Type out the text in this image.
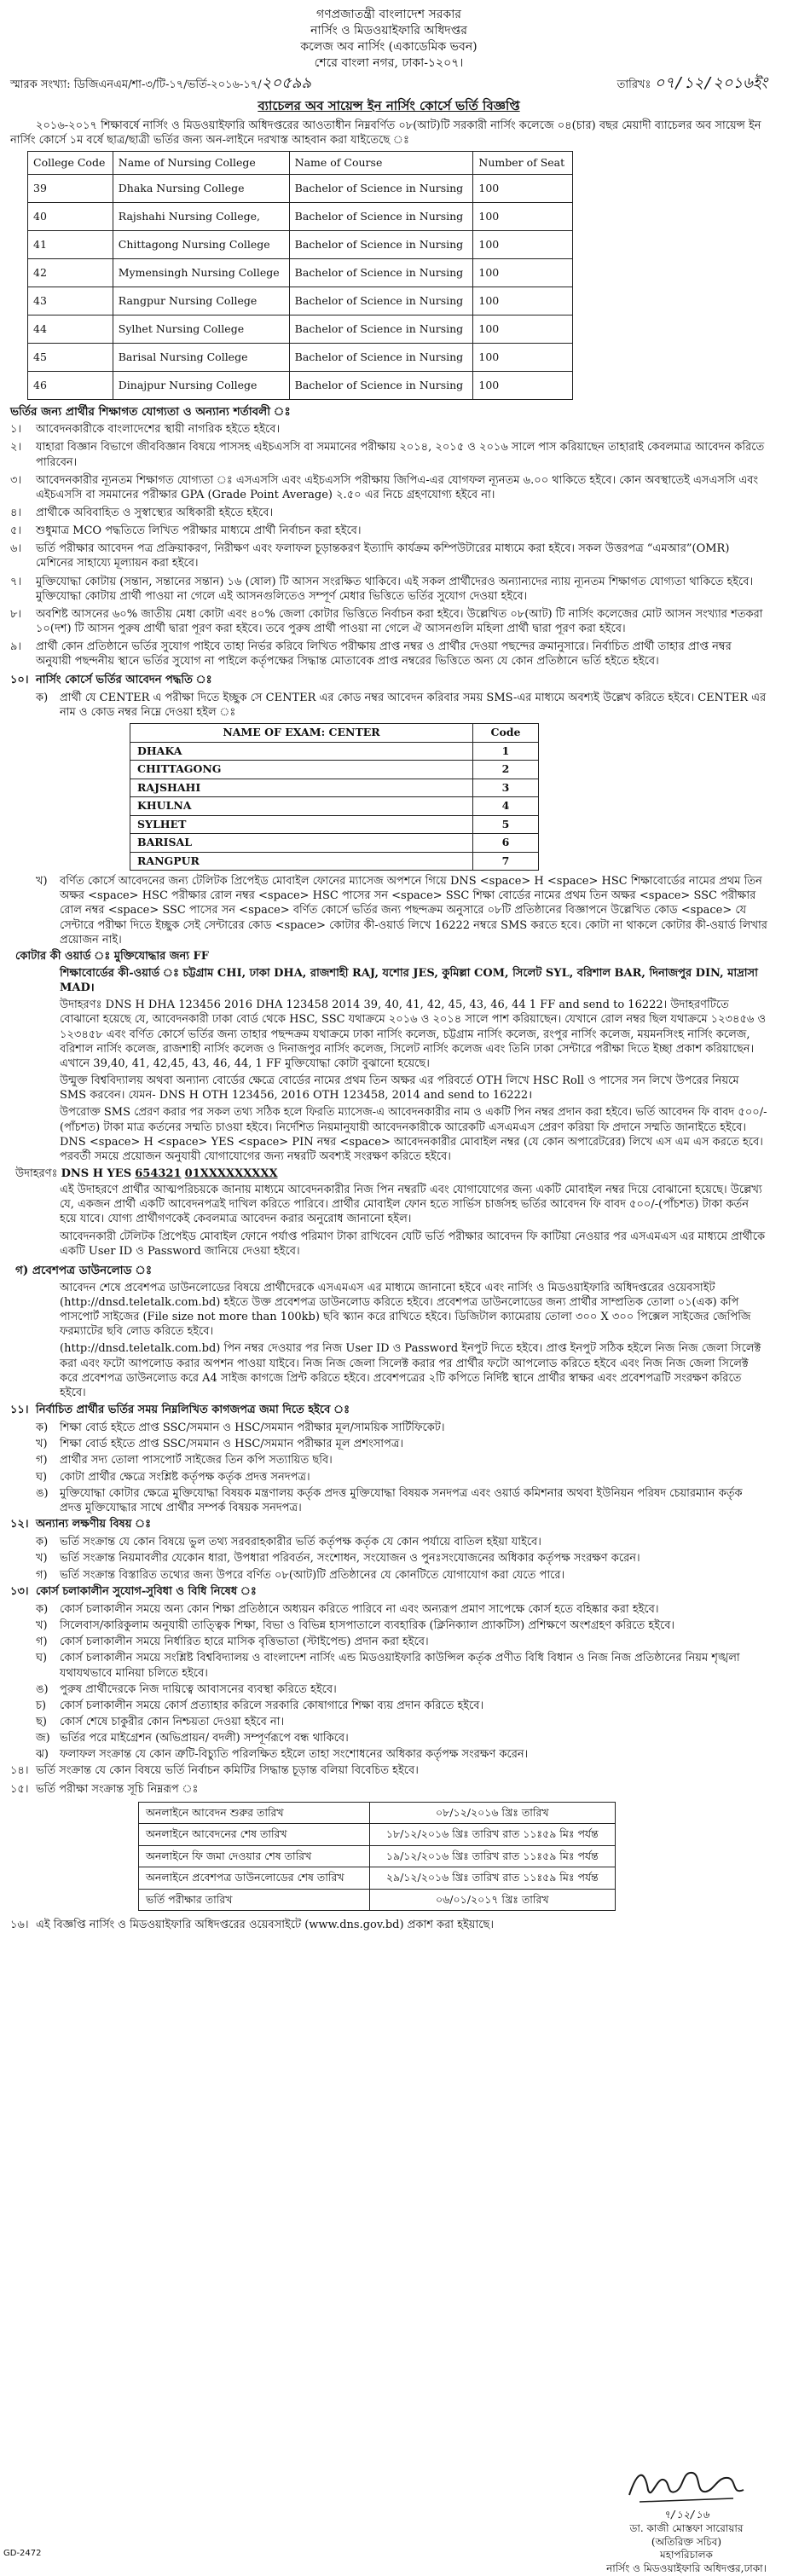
গণপ্রজাতন্ত্রী বাংলাদেশ সরকার
নার্সিং ও মিডওয়াইফারি অধিদপ্তর
কলেজ অব নার্সিং (একাডেমিক ভবন)
শেরে বাংলা নগর, ঢাকা-১২০৭।
স্মারক সংখ্যা: ডিজিএনএম/শা-৩/টি-১৭/ভর্তি-২০১৬-১৭/২০৫৯৯	তারিখঃ ০৭/১২/২০১৬ইং
ব্যাচেলর অব সায়েন্স ইন নার্সিং কোর্সে ভর্তি বিজ্ঞপ্তি

২০১৬-২০১৭ শিক্ষাবর্ষে নার্সিং ও মিডওয়াইফারি অধিদপ্তরের আওতাধীন নিম্নবর্ণিত ০৮(আট)টি সরকারী নার্সিং কলেজে ০৪(চার) বছর মেয়াদী ব্যাচেলর অব সায়েন্স ইন নার্সিং কোর্সে ১ম বর্ষে ছাত্র/ছাত্রী ভর্তির জন্য অন-লাইনে দরখাস্ত আহবান করা যাইতেছে ঃ

College Code	Name of Nursing College	Name of Course	Number of Seat
39	Dhaka Nursing College	Bachelor of Science in Nursing	100
40	Rajshahi Nursing College,	Bachelor of Science in Nursing	100
41	Chittagong Nursing College	Bachelor of Science in Nursing	100
42	Mymensingh Nursing College	Bachelor of Science in Nursing	100
43	Rangpur Nursing College	Bachelor of Science in Nursing	100
44	Sylhet Nursing College	Bachelor of Science in Nursing	100
45	Barisal Nursing College	Bachelor of Science in Nursing	100
46	Dinajpur Nursing College	Bachelor of Science in Nursing	100
ভর্তির জন্য প্রার্থীর শিক্ষাগত যোগ্যতা ও অন্যান্য শর্তাবলী ঃ
১।	আবেদনকারীকে বাংলাদেশের স্থায়ী নাগরিক হইতে হইবে।
২।	যাহারা বিজ্ঞান বিভাগে জীববিজ্ঞান বিষয়ে পাসসহ এইচএসসি বা সমমানের পরীক্ষায় ২০১৪, ২০১৫ ও ২০১৬ সালে পাস করিয়াছেন তাহারাই কেবলমাত্র আবেদন করিতে পারিবেন।
৩।	আবেদনকারীর ন্যূনতম শিক্ষাগত যোগ্যতা ঃ এসএসসি এবং এইচএসসি পরীক্ষায় জিপিএ-এর যোগফল ন্যূনতম ৬.০০ থাকিতে হইবে। কোন অবস্থাতেই এসএসসি এবং এইচএসসি বা সমমানের পরীক্ষার GPA (Grade Point Average) ২.৫০ এর নিচে গ্রহণযোগ্য হইবে না।
৪।	প্রার্থীকে অবিবাহিত ও সুস্বাস্থ্যের অধিকারী হইতে হইবে।
৫।	শুধুমাত্র MCO পদ্ধতিতে লিখিত পরীক্ষার মাধ্যমে প্রার্থী নির্বাচন করা হইবে।
৬।	ভর্তি পরীক্ষার আবেদন পত্র প্রক্রিয়াকরণ, নিরীক্ষণ এবং ফলাফল চূড়ান্তকরণ ইত্যাদি কার্যক্রম কম্পিউটারের মাধ্যমে করা হইবে। সকল উত্তরপত্র “এমআর”(OMR) মেশিনের সাহায্যে মূল্যায়ন করা হইবে।
৭।	মুক্তিযোদ্ধা কোটায় (সন্তান, সন্তানের সন্তান) ১৬ (ষোল) টি আসন সংরক্ষিত থাকিবে। এই সকল প্রার্থীদেরও অন্যান্যদের ন্যায় ন্যূনতম শিক্ষাগত যোগ্যতা থাকিতে হইবে। মুক্তিযোদ্ধা কোটায় প্রার্থী পাওয়া না গেলে এই আসনগুলিতেও সম্পূর্ণ মেধার ভিত্তিতে ভর্তির সুযোগ দেওয়া হইবে।
৮।	অবশিষ্ট আসনের ৬০% জাতীয় মেধা কোটা এবং ৪০% জেলা কোটার ভিত্তিতে নির্বাচন করা হইবে। উল্লেখিত ০৮(আট) টি নার্সিং কলেজের মোট আসন সংখ্যার শতকরা ১০(দশ) টি আসন পুরুষ প্রার্থী দ্বারা পূরণ করা হইবে। তবে পুরুষ প্রার্থী পাওয়া না গেলে ঐ আসনগুলি মহিলা প্রার্থী দ্বারা পূরণ করা হইবে।
৯।	প্রার্থী কোন প্রতিষ্ঠানে ভর্তির সুযোগ পাইবে তাহা নির্ভর করিবে লিখিত পরীক্ষায় প্রাপ্ত নম্বর ও প্রার্থীর দেওয়া পছন্দের ক্রমানুসারে। নির্বাচিত প্রার্থী তাহার প্রাপ্ত নম্বর অনুযায়ী পছন্দনীয় স্থানে ভর্তির সুযোগ না পাইলে কর্তৃপক্ষের সিদ্ধান্ত মোতাবেক প্রাপ্ত নম্বরের ভিত্তিতে অন্য যে কোন প্রতিষ্ঠানে ভর্তি হইতে হইবে।
১০। নার্সিং কোর্সে ভর্তির আবেদন পদ্ধতি ঃ
ক)	প্রার্থী যে CENTER এ পরীক্ষা দিতে ইচ্ছুক সে CENTER এর কোড নম্বর আবেদন করিবার সময় SMS-এর মাধ্যমে অবশ্যই উল্লেখ করিতে হইবে। CENTER এর নাম ও কোড নম্বর নিম্নে দেওয়া হইল ঃ
NAME OF EXAM: CENTER	Code
DHAKA	1
CHITTAGONG	2
RAJSHAHI	3
KHULNA	4
SYLHET	5
BARISAL	6
RANGPUR	7
খ)	বর্ণিত কোর্সে আবেদনের জন্য টেলিটক প্রিপেইড মোবাইল ফোনের ম্যাসেজ অপশনে গিয়ে DNS <space> H <space> HSC শিক্ষাবোর্ডের নামের প্রথম তিন অক্ষর <space> HSC পরীক্ষার রোল নম্বর <space> HSC পাসের সন <space> SSC শিক্ষা বোর্ডের নামের প্রথম তিন অক্ষর <space> SSC পরীক্ষার রোল নম্বর <space> SSC পাসের সন <space> বর্ণিত কোর্সে ভর্তির জন্য পছন্দক্রম অনুসারে ০৮টি প্রতিষ্ঠানের বিজ্ঞাপনে উল্লেখিত কোড <space> যে সেন্টারে পরীক্ষা দিতে ইচ্ছুক সেই সেন্টারের কোড <space> কোটার কী-ওয়ার্ড লিখে 16222 নম্বরে SMS করতে হবে। কোটা না থাকলে কোটার কী-ওয়ার্ড লিখার প্রয়োজন নাই।
কোটার কী ওয়ার্ড ঃ মুক্তিযোদ্ধার জন্য FF
শিক্ষাবোর্ডের কী-ওয়ার্ড ঃ চট্টগ্রাম CHI, ঢাকা DHA, রাজশাহী RAJ, যশোর JES, কুমিল্লা COM, সিলেট SYL, বরিশাল BAR, দিনাজপুর DIN, মাদ্রাসা MAD।
উদাহরণঃ DNS H DHA 123456 2016 DHA 123458 2014 39, 40, 41, 42, 45, 43, 46, 44 1 FF and send to 16222। উদাহরণটিতে বোঝানো হয়েছে যে, আবেদনকারী ঢাকা বোর্ড থেকে HSC, SSC যথাক্রমে ২০১৬ ও ২০১৪ সালে পাশ করিয়াছেন। যেখানে রোল নম্বর ছিল যথাক্রমে ১২৩৪৫৬ ও ১২৩৪৫৮ এবং বর্ণিত কোর্সে ভর্তির জন্য তাহার পছন্দক্রম যথাক্রমে ঢাকা নার্সিং কলেজ, চট্টগ্রাম নার্সিং কলেজ, রংপুর নার্সিং কলেজ, ময়মনসিংহ নার্সিং কলেজ, বরিশাল নার্সিং কলেজ, রাজশাহী নার্সিং কলেজ ও দিনাজপুর নার্সিং কলেজ, সিলেট নার্সিং কলেজ এবং তিনি ঢাকা সেন্টারে পরীক্ষা দিতে ইচ্ছা প্রকাশ করিয়াছেন। এখানে 39,40, 41, 42,45, 43, 46, 44, 1 FF মুক্তিযোদ্ধা কোটা বুঝানো হয়েছে।
উন্মুক্ত বিশ্ববিদ্যালয় অথবা অন্যান্য বোর্ডের ক্ষেত্রে বোর্ডের নামের প্রথম তিন অক্ষর এর পরিবর্তে OTH লিখে HSC Roll ও পাসের সন লিখে উপরের নিয়মে SMS করবেন। যেমন- DNS H OTH 123456, 2016 OTH 123458, 2014 and send to 16222।
উপরোক্ত SMS প্রেরণ করার পর সকল তথ্য সঠিক হলে ফিরতি ম্যাসেজ-এ আবেদনকারীর নাম ও একটি পিন নম্বর প্রদান করা হইবে। ভর্তি আবেদন ফি বাবদ ৫০০/-(পাঁচশত) টাকা মাত্র কর্তনের সম্মতি চাওয়া হইবে। নির্দেশিত নিয়মানুযায়ী আবেদনকারীকে আরেকটি এসএমএস প্রেরণ করিয়া ফি প্রদানে সম্মতি জানাইতে হইবে। DNS <space> H <space> YES <space> PIN নম্বর <space> আবেদনকারীর মোবাইল নম্বর (যে কোন অপারেটরের) লিখে এস এম এস করতে হবে। পরবর্তী সময়ে প্রয়োজন অনুযায়ী যোগাযোগের জন্য নম্বরটি অবশ্যই সংরক্ষণ করিতে হইবে।
উদাহরণঃ DNS H YES 654321 01XXXXXXXXX
এই উদাহরণে প্রার্থীর আত্মপরিচয়কে জানায় মাধ্যমে আবেদনকারীর নিজ পিন নম্বরটি এবং যোগাযোগের জন্য একটি মোবাইল নম্বর দিয়ে বোঝানো হয়েছে। উল্লেখ্য যে, একজন প্রার্থী একটি আবেদনপত্রই দাখিল করিতে পারিবে। প্রার্থীর মোবাইল ফোন হতে সার্ভিস চার্জসহ ভর্তির আবেদন ফি বাবদ ৫০০/-(পাঁচশত) টাকা কর্তন হয়ে যাবে। যোগ্য প্রার্থীগণকেই কেবলমাত্র আবেদন করার অনুরোধ জানানো হইল।
আবেদনকারী টেলিটক প্রিপেইড মোবাইল ফোনে পর্যাপ্ত পরিমাণ টাকা রাখিবেন যেটি ভর্তি পরীক্ষার আবেদন ফি কাটিয়া নেওয়ার পর এসএমএস এর মাধ্যমে প্রার্থীকে একটি User ID ও Password জানিয়ে দেওয়া হইবে।
গ) প্রবেশপত্র ডাউনলোড ঃ
আবেদন শেষে প্রবেশপত্র ডাউনলোডের বিষয়ে প্রার্থীদেরকে এসএমএস এর মাধ্যমে জানানো হইবে এবং নার্সিং ও মিডওয়াইফারি অধিদপ্তরের ওয়েবসাইট (http://dnsd.teletalk.com.bd) হইতে উক্ত প্রবেশপত্র ডাউনলোড করিতে হইবে। প্রবেশপত্র ডাউনলোডের জন্য প্রার্থীর সাম্প্রতিক তোলা ০১(এক) কপি পাসপোর্ট সাইজের (File size not more than 100kb) ছবি স্ক্যান করে রাখিতে হইবে। ডিজিটাল ক্যামেরায় তোলা ৩০০ X ৩০০ পিক্সেল সাইজের জেপিজি ফরম্যাটের ছবি লোড করিতে হইবে।
(http://dnsd.teletalk.com.bd) পিন নম্বর দেওয়ার পর নিজ User ID ও Password ইনপুট দিতে হইবে। প্রাপ্ত ইনপুট সঠিক হইলে নিজ নিজ জেলা সিলেক্ট করা এবং ফটো আপলোড করার অপশন পাওয়া যাইবে। নিজ নিজ জেলা সিলেক্ট করার পর প্রার্থীর ফটো আপলোড করিতে হইবে এবং নিজ নিজ জেলা সিলেক্ট করে প্রবেশপত্র ডাউনলোড করে A4 সাইজ কাগজে প্রিন্ট করিতে হইবে। প্রবেশপত্রের ২টি কপিতে নির্দিষ্ট স্থানে প্রার্থীর স্বাক্ষর এবং প্রবেশপত্রটি সংরক্ষণ করিতে হইবে।
১১। নির্বাচিত প্রার্থীর ভর্তির সময় নিম্নলিখিত কাগজপত্র জমা দিতে হইবে ঃ
ক)	শিক্ষা বোর্ড হইতে প্রাপ্ত SSC/সমমান ও HSC/সমমান পরীক্ষার মূল/সাময়িক সার্টিফিকেট।
খ)	শিক্ষা বোর্ড হইতে প্রাপ্ত SSC/সমমান ও HSC/সমমান পরীক্ষার মূল প্রশংসাপত্র।
গ)	প্রার্থীর সদ্য তোলা পাসপোর্ট সাইজের তিন কপি সত্যায়িত ছবি।
ঘ)	কোটা প্রার্থীর ক্ষেত্রে সংশ্লিষ্ট কর্তৃপক্ষ কর্তৃক প্রদত্ত সনদপত্র।
ঙ)	মুক্তিযোদ্ধা কোটার ক্ষেত্রে মুক্তিযোদ্ধা বিষয়ক মন্ত্রণালয় কর্তৃক প্রদত্ত মুক্তিযোদ্ধা বিষয়ক সনদপত্র এবং ওয়ার্ড কমিশনার অথবা ইউনিয়ন পরিষদ চেয়ারম্যান কর্তৃক প্রদত্ত মুক্তিযোদ্ধার সাথে প্রার্থীর সম্পর্ক বিষয়ক সনদপত্র।
১২। অন্যান্য লক্ষণীয় বিষয় ঃ
ক)	ভর্তি সংক্রান্ত যে কোন বিষয়ে ভুল তথ্য সরবরাহকারীর ভর্তি কর্তৃপক্ষ কর্তৃক যে কোন পর্যায়ে বাতিল হইয়া যাইবে।
খ)	ভর্তি সংক্রান্ত নিয়মাবলীর যেকোন ধারা, উপধারা পরিবর্তন, সংশোধন, সংযোজন ও পুনঃসংযোজনের অধিকার কর্তৃপক্ষ সংরক্ষণ করেন।
গ)	ভর্তি সংক্রান্ত বিস্তারিত তথ্যের জন্য উপরে বর্ণিত ০৮(আট)টি প্রতিষ্ঠানের যে কোনটিতে যোগাযোগ করা যেতে পারে।
১৩। কোর্স চলাকালীন সুযোগ-সুবিধা ও বিধি নিষেধ ঃ
ক)	কোর্স চলাকালীন সময়ে অন্য কোন শিক্ষা প্রতিষ্ঠানে অধ্যয়ন করিতে পারিবে না এবং অন্যরূপ প্রমাণ সাপেক্ষে কোর্স হতে বহিষ্কার করা হইবে।
খ)	সিলেবাস/কারিকুলাম অনুযায়ী তাত্ত্বিক শিক্ষা, বিভা ও বিভিন্ন হাসপাতালে ব্যবহারিক (ক্লিনিক্যাল প্র্যাকটিস) প্রশিক্ষণে অংশগ্রহণ করিতে হইবে।
গ)	কোর্স চলাকালীন সময়ে নির্ধারিত হারে মাসিক বৃত্তিভাতা (স্টাইপেন্ড) প্রদান করা হইবে।
ঘ)	কোর্স চলাকালীন সময়ে সংশ্লিষ্ট বিশ্ববিদ্যালয় ও বাংলাদেশ নার্সিং এন্ড মিডওয়াইফারি কাউন্সিল কর্তৃক প্রণীত বিধি বিধান ও নিজ নিজ প্রতিষ্ঠানের নিয়ম শৃঙ্খলা যথাযথভাবে মানিয়া চলিতে হইবে।
ঙ)	পুরুষ প্রার্থীদেরকে নিজ দায়িত্বে আবাসনের ব্যবস্থা করিতে হইবে।
চ)	কোর্স চলাকালীন সময়ে কোর্স প্রত্যাহার করিলে সরকারি কোষাগারে শিক্ষা ব্যয় প্রদান করিতে হইবে।
ছ)	কোর্স শেষে চাকুরীর কোন নিশ্চয়তা দেওয়া হইবে না।
জ) ভর্তির পরে মাইগ্রেশন (অভিপ্রায়ন/ বদলী) সম্পূর্ণরূপে বন্ধ থাকিবে।
ঝ)	ফলাফল সংক্রান্ত যে কোন ত্রুটি-বিচ্যুতি পরিলক্ষিত হইলে তাহা সংশোধনের অধিকার কর্তৃপক্ষ সংরক্ষণ করেন।
১৪। ভর্তি সংক্রান্ত যে কোন বিষয়ে ভর্তি নির্বাচন কমিটির সিদ্ধান্ত চূড়ান্ত বলিয়া বিবেচিত হইবে।
১৫। ভর্তি পরীক্ষা সংক্রান্ত সূচি নিম্নরূপ ঃ
অনলাইনে আবেদন শুরুর তারিখ	০৮/১২/২০১৬ খ্রিঃ তারিখ
অনলাইনে আবেদনের শেষ তারিখ	১৮/১২/২০১৬ খ্রিঃ তারিখ রাত ১১ঃ৫৯ মিঃ পর্যন্ত
অনলাইনে ফি জমা দেওয়ার শেষ তারিখ	১৯/১২/২০১৬ খ্রিঃ তারিখ রাত ১১ঃ৫৯ মিঃ পর্যন্ত
অনলাইনে প্রবেশপত্র ডাউনলোডের শেষ তারিখ	২৯/১২/২০১৬ খ্রিঃ তারিখ রাত ১১ঃ৫৯ মিঃ পর্যন্ত
ভর্তি পরীক্ষার তারিখ	০৬/০১/২০১৭ খ্রিঃ তারিখ
১৬। এই বিজ্ঞপ্তি নার্সিং ও মিডওয়াইফারি অধিদপ্তরের ওয়েবসাইটে (www.dns.gov.bd) প্রকাশ করা হইয়াছে।
৭/১২/১৬
ডা. কাজী মোস্তফা সারোয়ার
(অতিরিক্ত সচিব)
মহাপরিচালক
নার্সিং ও মিডওয়াইফারি অধিদপ্তর,ঢাকা।
GD-2472
